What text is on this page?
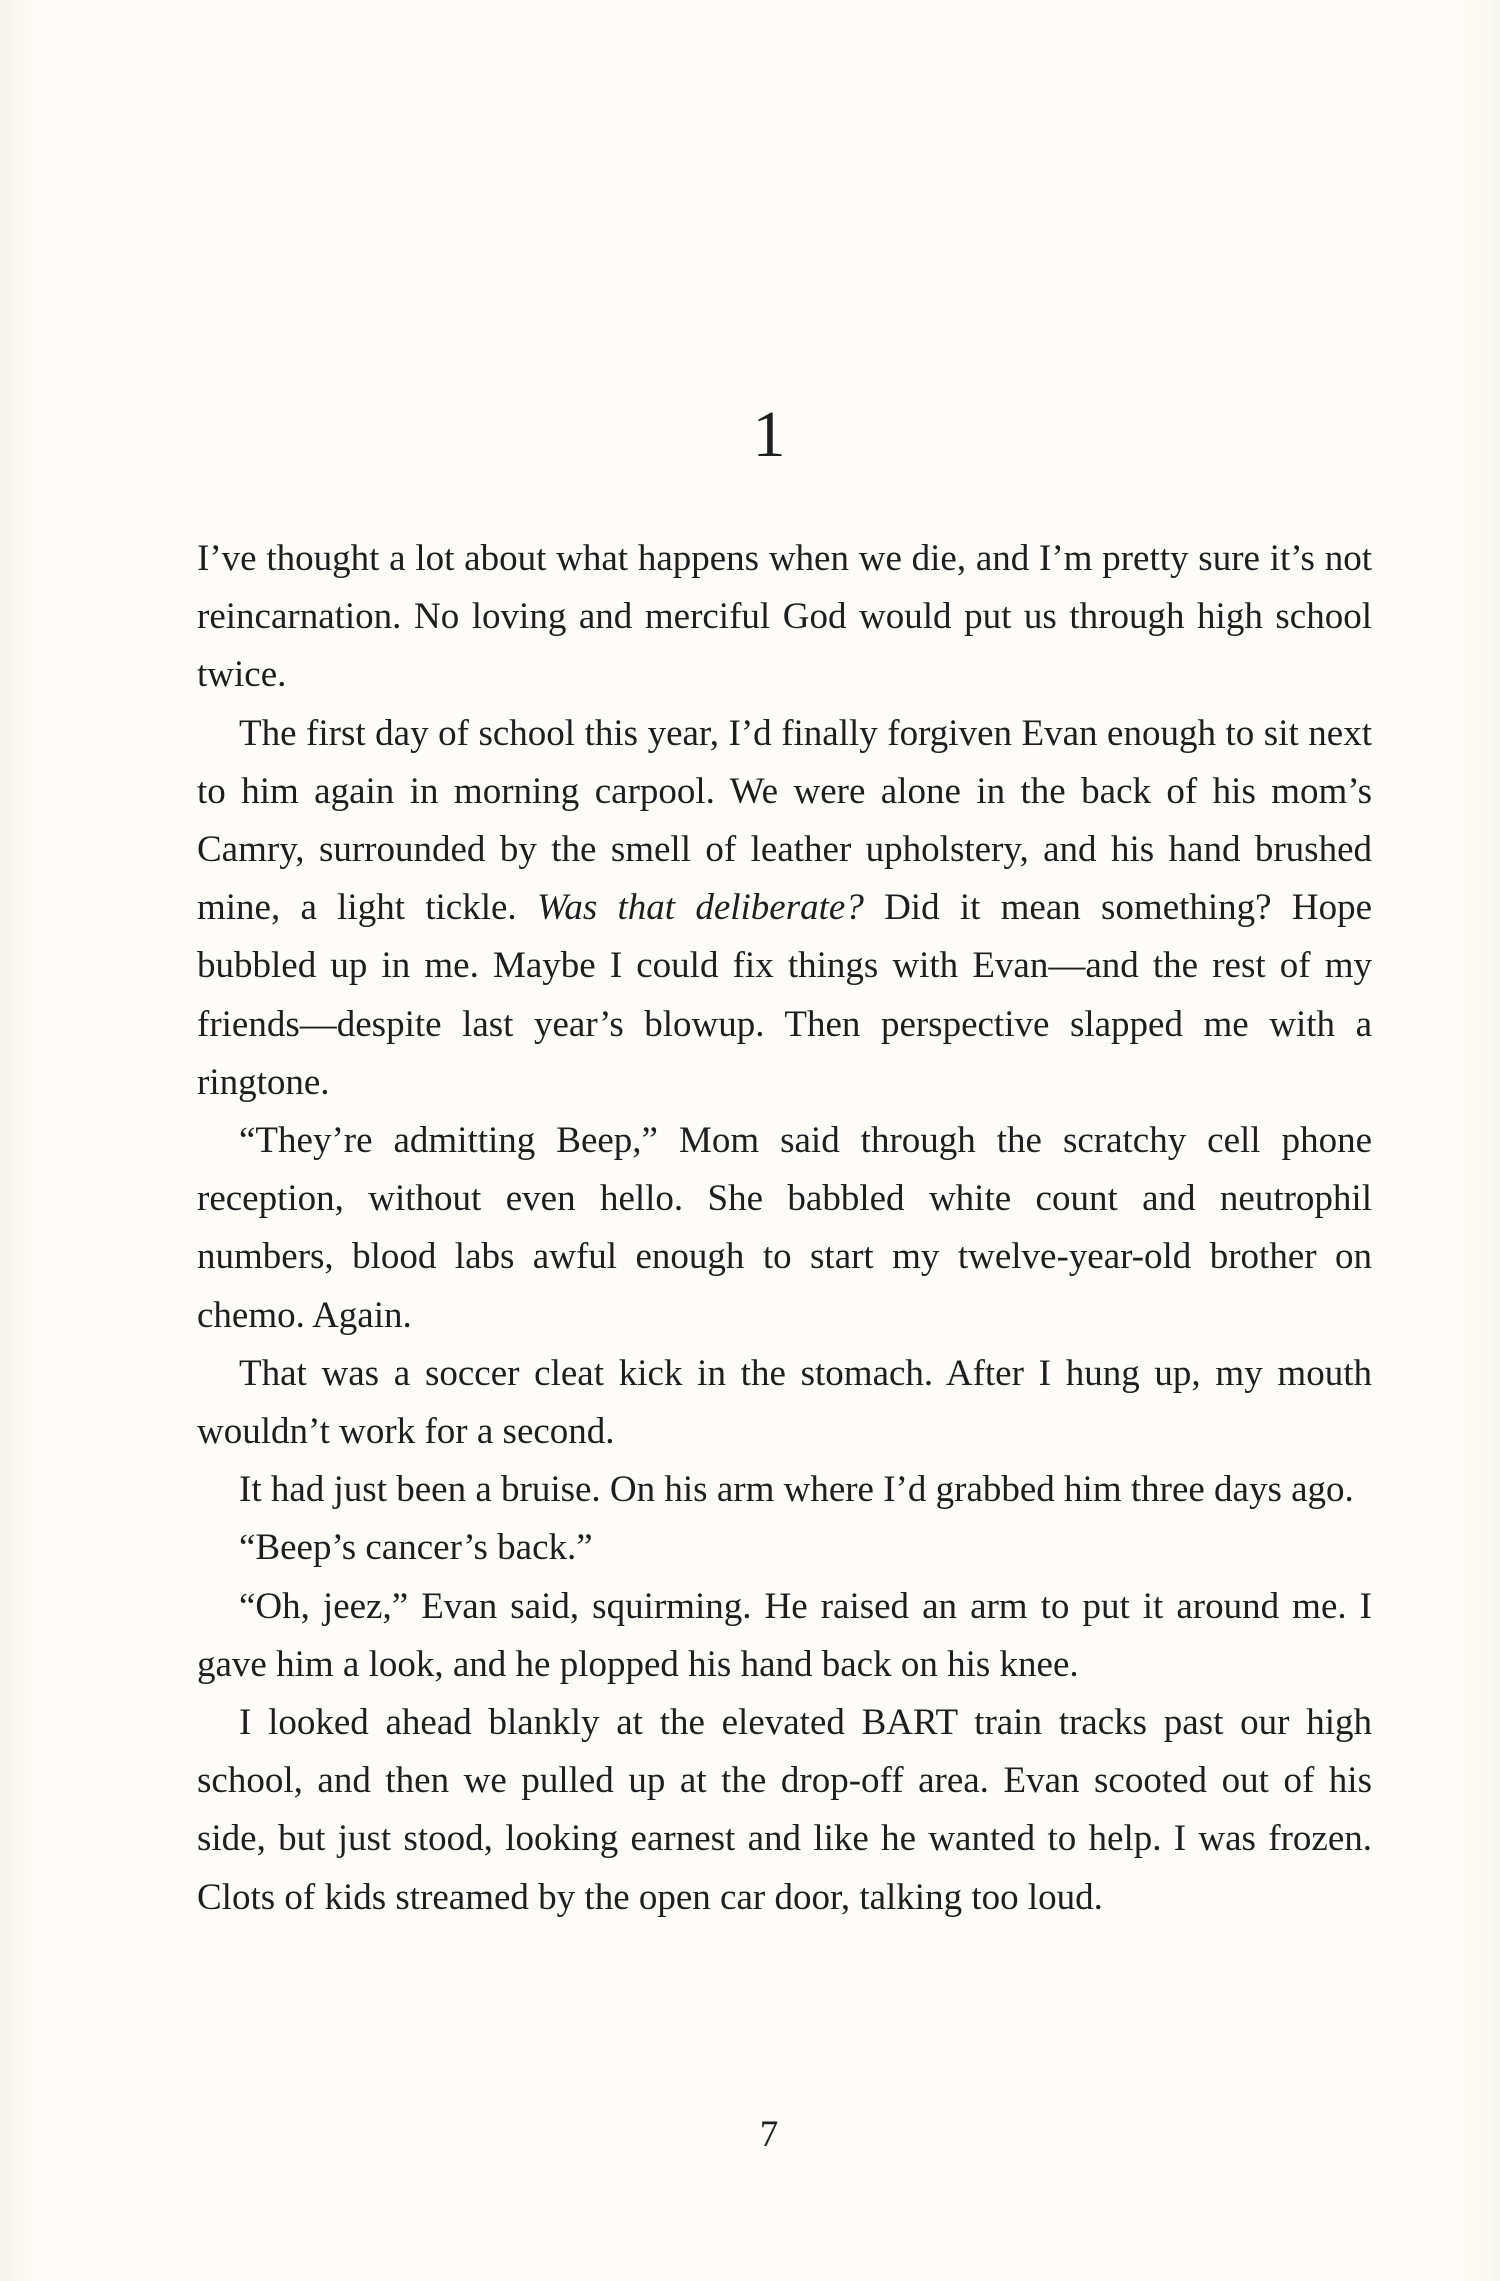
1

I’ve thought a lot about what happens when we die, and I’m pretty sure it’s not reincarnation. No loving and merciful God would put us through high school twice.

The first day of school this year, I’d finally forgiven Evan enough to sit next to him again in morning carpool. We were alone in the back of his mom’s Camry, surrounded by the smell of leather upholstery, and his hand brushed mine, a light tickle. Was that deliberate? Did it mean something? Hope bubbled up in me. Maybe I could fix things with Evan—and the rest of my friends—despite last year’s blowup. Then perspective slapped me with a ringtone.

“They’re admitting Beep,” Mom said through the scratchy cell phone reception, without even hello. She babbled white count and neutrophil numbers, blood labs awful enough to start my twelve-year-old brother on chemo. Again.

That was a soccer cleat kick in the stomach. After I hung up, my mouth wouldn’t work for a second.

It had just been a bruise. On his arm where I’d grabbed him three days ago.

“Beep’s cancer’s back.”

“Oh, jeez,” Evan said, squirming. He raised an arm to put it around me. I gave him a look, and he plopped his hand back on his knee.

I looked ahead blankly at the elevated BART train tracks past our high school, and then we pulled up at the drop-off area. Evan scooted out of his side, but just stood, looking earnest and like he wanted to help. I was frozen. Clots of kids streamed by the open car door, talking too loud.

7
